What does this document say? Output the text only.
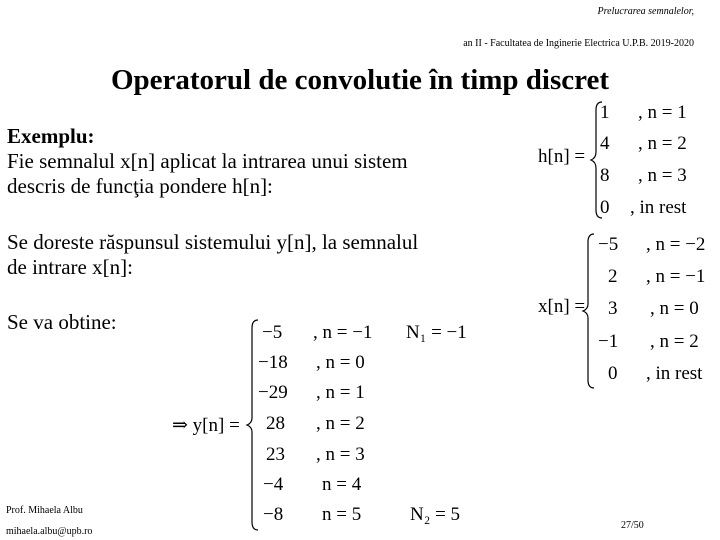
Prelucrarea semnalelor,
an II - Facultatea de Inginerie Electrica U.P.B. 2019-2020
Operatorul de convolutie în timp discret
Exemplu:
Fie semnalul x[n] aplicat la intrarea unui sistem
descris de funcţia pondere h[n]:
Se doreste răspunsul sistemului y[n], la semnalul
de intrare x[n]:
Se va obtine:
h[n] =
1 , n = 1
4 , n = 2
8 , n = 3
0 , in rest
x[n] =
−5 , n = −2
2 , n = −1
3 , n = 0
−1 , n = 2
0 , in rest
⇒ y[n] =
−5 , n = −1 N₁ = −1
−18 , n = 0
−29 , n = 1
28 , n = 2
23 , n = 3
−4 n = 4
−8 n = 5	N₂ = 5
Prof. Mihaela Albu
mihaela.albu@upb.ro
27/50
